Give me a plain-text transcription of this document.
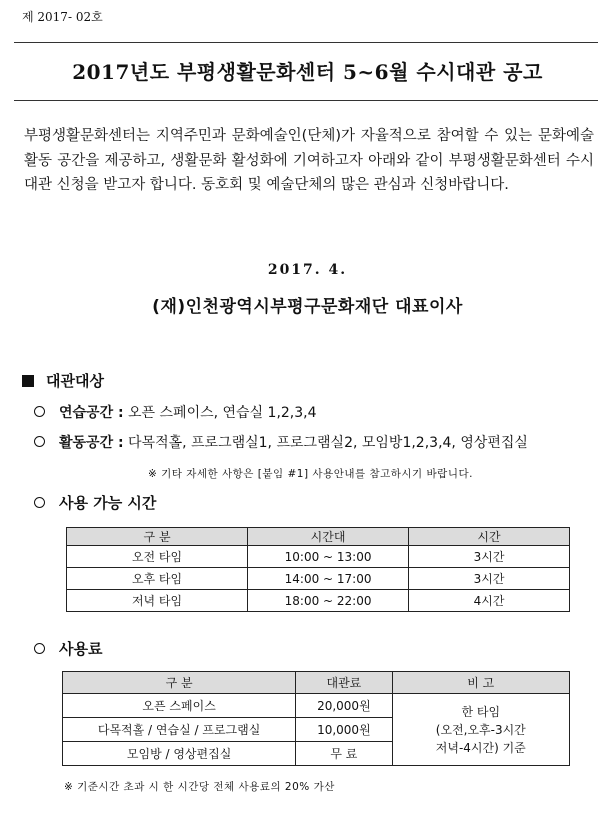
제 2017- 02호
2017년도 부평생활문화센터 5~6월 수시대관 공고
부평생활문화센터는 지역주민과 문화예술인(단체)가 자율적으로 참여할 수 있는 문화예술 활동 공간을 제공하고, 생활문화 활성화에 기여하고자 아래와 같이 부평생활문화센터 수시대관 신청을 받고자 합니다. 동호회 및 예술단체의 많은 관심과 신청바랍니다.
2017. 4.
(재)인천광역시부평구문화재단 대표이사
대관대상
연습공간 : 오픈 스페이스, 연습실 1,2,3,4
활동공간 : 다목적홀, 프로그램실1, 프로그램실2, 모임방1,2,3,4, 영상편집실
※ 기타 자세한 사항은 [붙임 #1] 사용안내를 참고하시기 바랍니다.
사용 가능 시간
구 분	시간대	시간
오전 타임	10:00 ~ 13:00	3시간
오후 타임	14:00 ~ 17:00	3시간
저녁 타임	18:00 ~ 22:00	4시간
사용료
구 분	대관료	비 고
오픈 스페이스	20,000원	한 타임
(오전,오후-3시간
저녁-4시간) 기준

다목적홀 / 연습실 / 프로그램실	10,000원	
모임방 / 영상편집실	무 료	
※ 기준시간 초과 시 한 시간당 전체 사용료의 20% 가산
